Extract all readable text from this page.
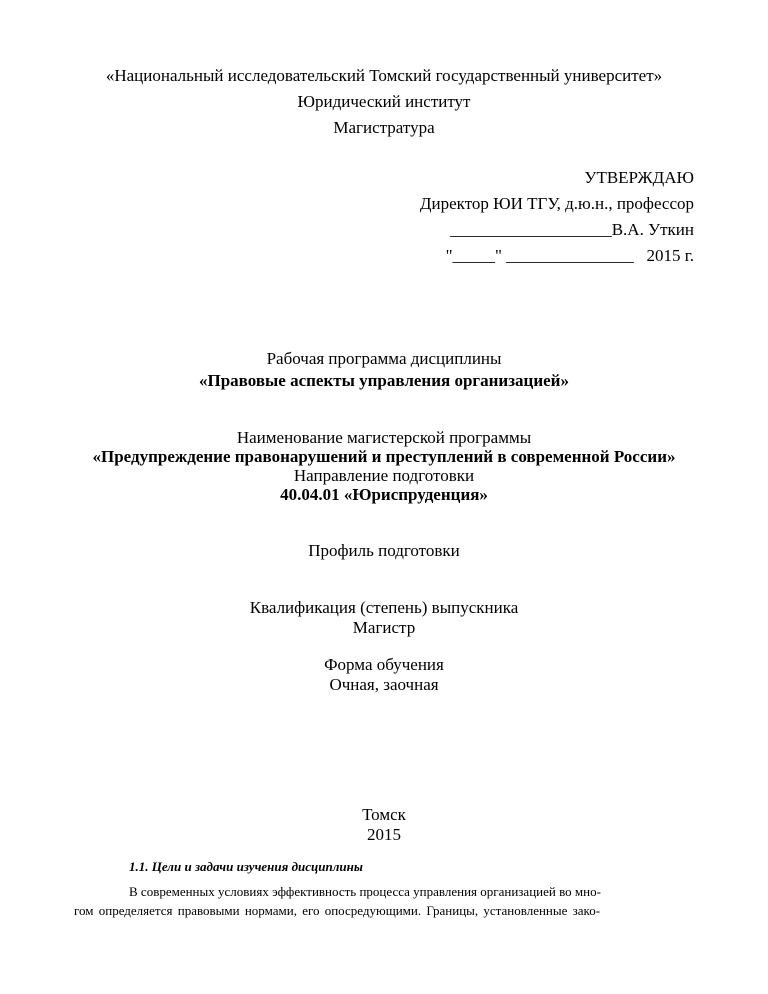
«Национальный исследовательский Томский государственный университет»
Юридический институт
Магистратура
УТВЕРЖДАЮ
Директор ЮИ ТГУ, д.ю.н., профессор
___________________В.А. Уткин
"_____" _______________   2015 г.
Рабочая программа дисциплины
«Правовые аспекты управления организацией»
Наименование магистерской программы
«Предупреждение правонарушений и преступлений в современной России»
Направление подготовки
40.04.01 «Юриспруденция»
Профиль подготовки
Квалификация (степень) выпускника
Магистр
Форма обучения
Очная, заочная
Томск
2015
1.1. Цели и задачи изучения дисциплины
В современных условиях эффективность процесса управления организацией во мно-
гом определяется правовыми нормами, его опосредующими. Границы, установленные зако-
